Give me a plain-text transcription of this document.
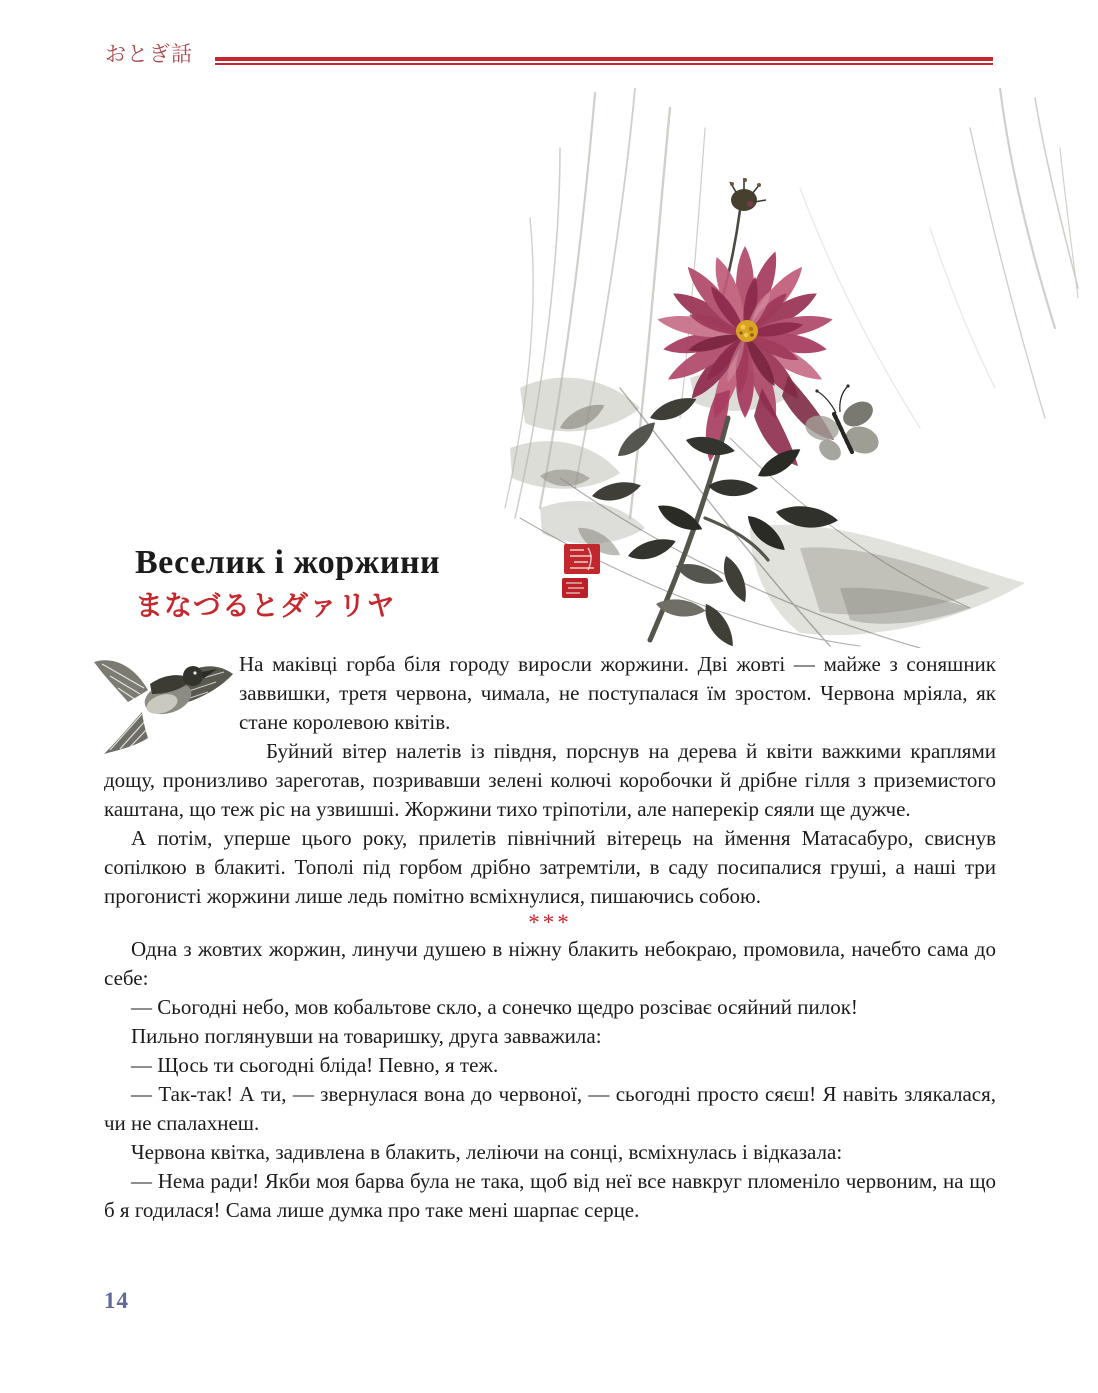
おとぎ話
Веселик і жоржини
まなづるとダァリヤ

На маківці горба біля городу виросли жоржини. Дві жовті — майже з соняшник заввишки, третя червона, чимала, не поступалася їм зростом. Червона мріяла, як стане королевою квітів.

Буйний вітер налетів із півдня, порснув на дерева й квіти важкими краплями дощу, пронизливо зареготав, позривавши зелені колючі коробочки й дрібне гілля з приземистого каштана, що теж ріс на узвишші. Жоржини тихо тріпотіли, але наперекір сяяли ще дужче.

А потім, уперше цього року, прилетів північний вітерець на ймення Матасабуро, свиснув сопілкою в блакиті. Тополі під горбом дрібно затремтіли, в саду посипалися груші, а наші три прогонисті жоржини лише ледь помітно всміхнулися, пишаючись собою.

***

Одна з жовтих жоржин, линучи душею в ніжну блакить небокраю, промовила, начебто сама до себе:

— Сьогодні небо, мов кобальтове скло, а сонечко щедро розсіває осяйний пилок!

Пильно поглянувши на товаришку, друга завважила:

— Щось ти сьогодні бліда! Певно, я теж.

— Так-так! А ти, — звернулася вона до червоної, — сьогодні просто сяєш! Я навіть злякалася, чи не спалахнеш.

Червона квітка, задивлена в блакить, леліючи на сонці, всміхнулась і відказала:

— Нема ради! Якби моя барва була не така, щоб від неї все навкруг пломеніло червоним, на що б я годилася! Сама лише думка про таке мені шарпає серце.

14
